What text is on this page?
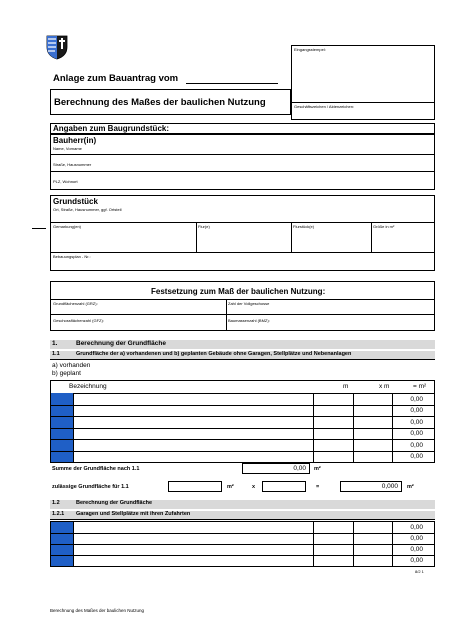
Eingangsstempel:
Geschäftszeichen / Aktenzeichen:
Anlage zum Bauantrag vom
Berechnung des Maßes der baulichen Nutzung
Angaben zum Baugrundstück:
Bauherr(in)
Name, Vorname
Straße, Hausnummer
PLZ, Wohnort
Grundstück
Ort, Straße, Hausnummer, ggf. Ortsteil
Gemarkung(en)	Flur(e)	Flurstück(e)	Größe in m²
Bebauungsplan - Nr.:
Festsetzung zum Maß der baulichen Nutzung:
Grundflächenzahl (GRZ):	Zahl der Vollgeschosse
Geschossflächenzahl (GFZ):	Baumassenzahl (BMZ):
1.	Berechnung der Grundfläche
1.1	Grundfläche der a) vorhandenen und b) geplanten Gebäude ohne Garagen, Stellplätze und Nebenanlagen
a) vorhanden
b) geplant
Bezeichnung	m	x m	= m²
0,00
0,00
0,00
0,00
0,00
0,00
Summe der Grundfläche nach 1.1	0,00 m²
zulässige Grundfläche für 1.1	m²	x	=	0,000 m²
1.2	Berechnung der Grundfläche
1.2.1 Garagen und Stellplätze mit ihren Zufahrten
0,00
0,00
0,00
0,00
8/2 1
Berechnung des Maßes der baulichen Nutzung
